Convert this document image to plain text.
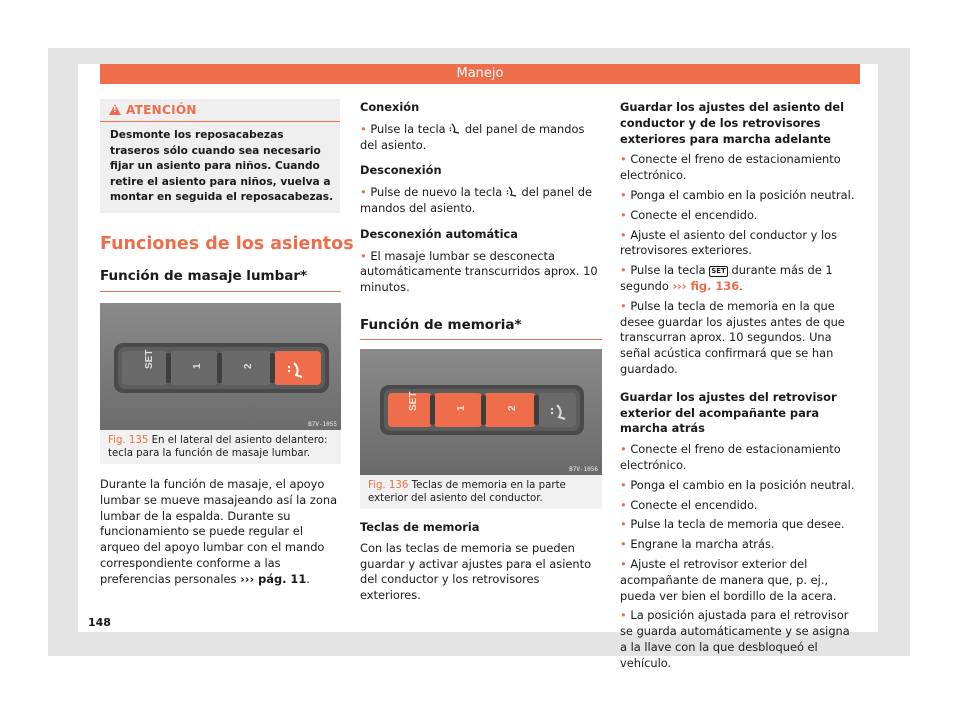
Manejo
!
ATENCIÓN
Desmonte los reposacabezas traseros sólo cuando sea necesario fijar un asiento para niños. Cuando retire el asiento para niños, vuelva a montar en seguida el reposacabezas.
Funciones de los asientos
Función de masaje lumbar*
SET	1	2
B7V-1055
Fig. 135 En el lateral del asiento delantero: tecla para la función de masaje lumbar.

Durante la función de masaje, el apoyo lumbar se mueve masajeando así la zona lumbar de la espalda. Durante su funcionamiento se puede regular el arqueo del apoyo lumbar con el mando correspondiente conforme a las preferencias personales ››› pág. 11.

Conexión

• Pulse la tecla del panel de mandos del asiento.

Desconexión

• Pulse de nuevo la tecla del panel de mandos del asiento.

Desconexión automática

• El masaje lumbar se desconecta automáticamente transcurridos aprox. 10 minutos.

Función de memoria*
SET	1	2
B7V-1056
Fig. 136 Teclas de memoria en la parte exterior del asiento del conductor.

Teclas de memoria

Con las teclas de memoria se pueden guardar y activar ajustes para el asiento del conductor y los retrovisores exteriores.

Guardar los ajustes del asiento del conductor y de los retrovisores exteriores para marcha adelante

• Conecte el freno de estacionamiento electrónico.

• Ponga el cambio en la posición neutral.

• Conecte el encendido.

• Ajuste el asiento del conductor y los retrovisores exteriores.

• Pulse la tecla SET durante más de 1 segundo ››› fig. 136.

• Pulse la tecla de memoria en la que desee guardar los ajustes antes de que transcurran aprox. 10 segundos. Una señal acústica confirmará que se han guardado.

Guardar los ajustes del retrovisor exterior del acompañante para marcha atrás

• Conecte el freno de estacionamiento electrónico.

• Ponga el cambio en la posición neutral.

• Conecte el encendido.

• Pulse la tecla de memoria que desee.

• Engrane la marcha atrás.

• Ajuste el retrovisor exterior del acompañante de manera que, p. ej., pueda ver bien el bordillo de la acera.

• La posición ajustada para el retrovisor se guarda automáticamente y se asigna a la llave con la que desbloqueó el vehículo.

148
